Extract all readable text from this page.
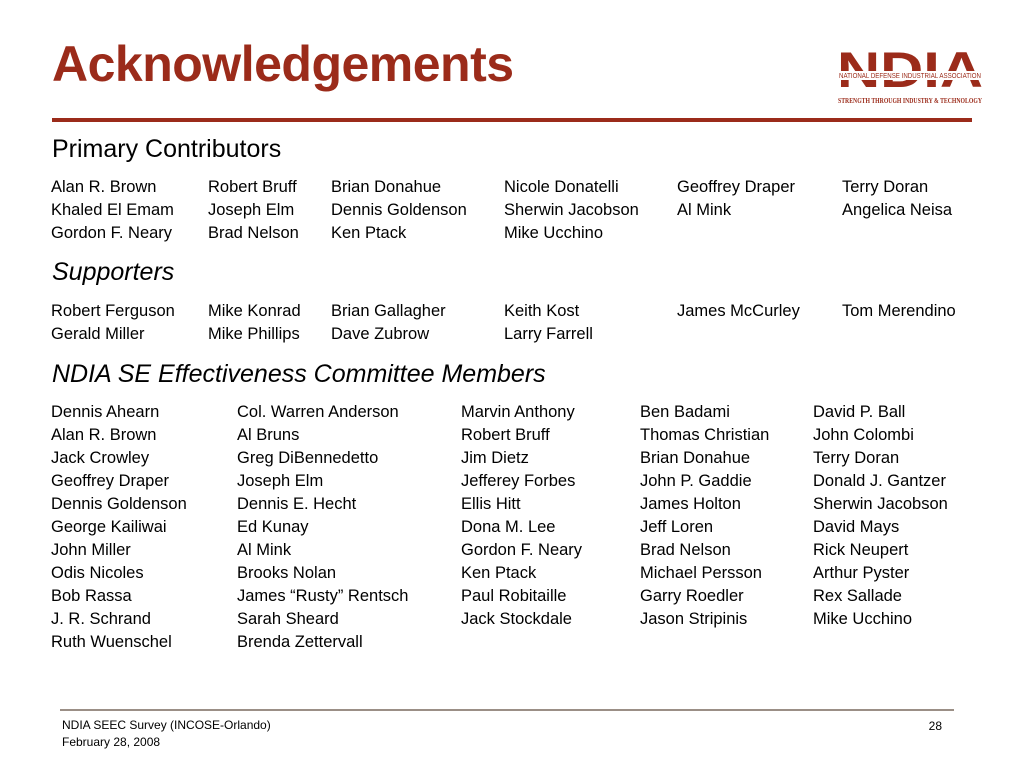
Acknowledgements	NATIONAL DEFENSE INDUSTRIAL ASSOCIATION
STRENGTH THROUGH INDUSTRY & TECHNOLOGY
Primary Contributors
Alan R. Brown
Khaled El Emam
Gordon F. Neary
Robert Bruff
Joseph Elm
Brad Nelson
Brian Donahue
Dennis Goldenson
Ken Ptack
Nicole Donatelli
Sherwin Jacobson
Mike Ucchino
Geoffrey Draper
Al Mink
Terry Doran
Angelica Neisa
Supporters
Robert Ferguson
Gerald Miller
Mike Konrad
Mike Phillips
Brian Gallagher
Dave Zubrow
Keith Kost
Larry Farrell
James McCurley	Tom Merendino
NDIA SE Effectiveness Committee Members
Dennis Ahearn
Alan R. Brown
Jack Crowley
Geoffrey Draper
Dennis Goldenson
George Kailiwai
John Miller
Odis Nicoles
Bob Rassa
J. R. Schrand
Ruth Wuenschel
Col. Warren Anderson
Al Bruns
Greg DiBennedetto
Joseph Elm
Dennis E. Hecht
Ed Kunay
Al Mink
Brooks Nolan
James “Rusty” Rentsch
Sarah Sheard
Brenda Zettervall
Marvin Anthony
Robert Bruff
Jim Dietz
Jefferey Forbes
Ellis Hitt
Dona M. Lee
Gordon F. Neary
Ken Ptack
Paul Robitaille
Jack Stockdale
Ben Badami
Thomas Christian
Brian Donahue
John P. Gaddie
James Holton
Jeff Loren
Brad Nelson
Michael Persson
Garry Roedler
Jason Stripinis
David P. Ball
John Colombi
Terry Doran
Donald J. Gantzer
Sherwin Jacobson
David Mays
Rick Neupert
Arthur Pyster
Rex Sallade
Mike Ucchino
NDIA SEEC Survey (INCOSE-Orlando)
February 28, 2008
28
